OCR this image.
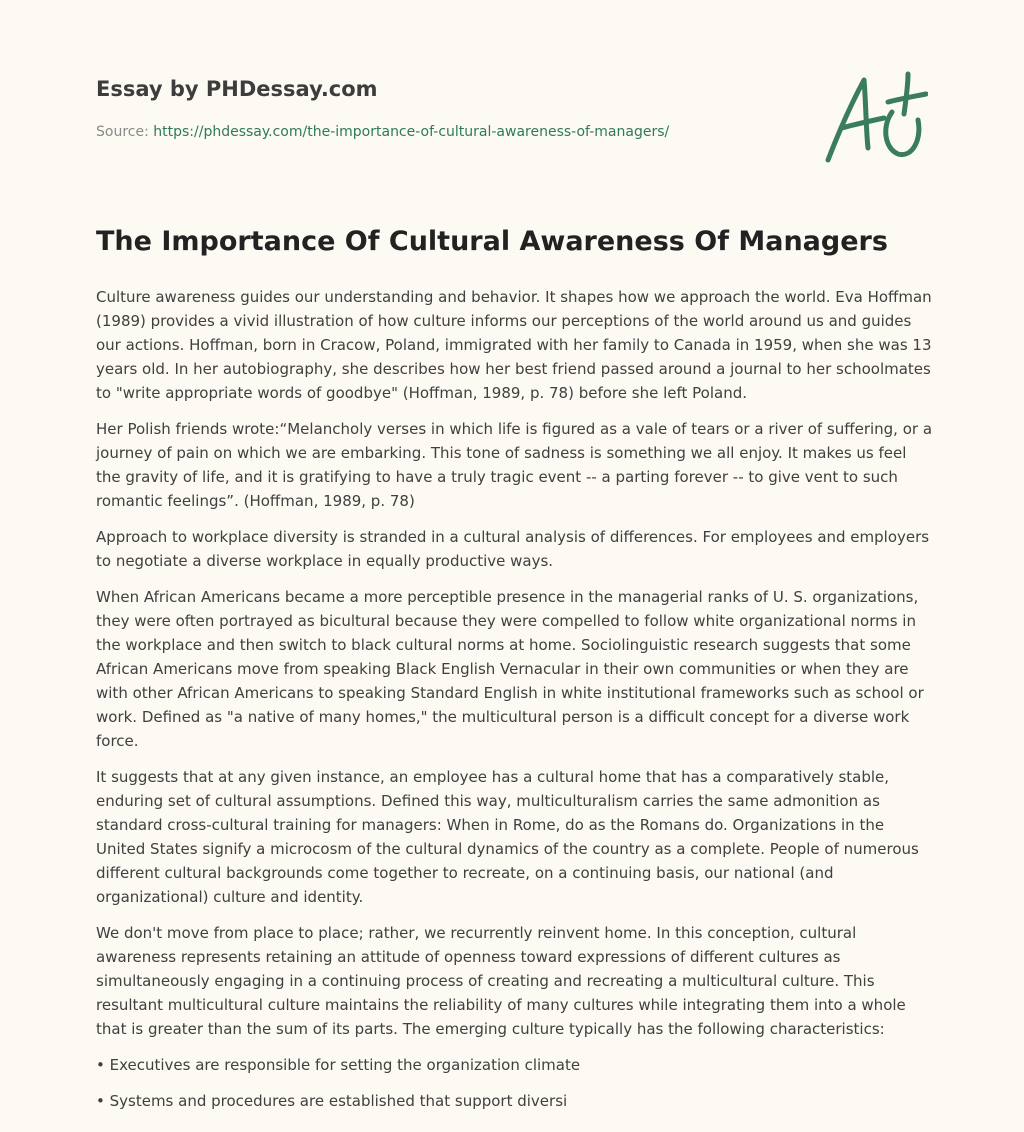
Essay by PHDessay.com
Source: https://phdessay.com/the-importance-of-cultural-awareness-of-managers/
The Importance Of Cultural Awareness Of Managers

Culture awareness guides our understanding and behavior. It shapes how we approach the world. Eva Hoffman (1989) provides a vivid illustration of how culture informs our perceptions of the world around us and guides our actions. Hoffman, born in Cracow, Poland, immigrated with her family to Canada in 1959, when she was 13 years old. In her autobiography, she describes how her best friend passed around a journal to her schoolmates to "write appropriate words of goodbye" (Hoffman, 1989, p. 78) before she left Poland.

Her Polish friends wrote:“Melancholy verses in which life is figured as a vale of tears or a river of suffering, or a journey of pain on which we are embarking. This tone of sadness is something we all enjoy. It makes us feel the gravity of life, and it is gratifying to have a truly tragic event -- a parting forever -- to give vent to such romantic feelings”. (Hoffman, 1989, p. 78)

Approach to workplace diversity is stranded in a cultural analysis of differences. For employees and employers to negotiate a diverse workplace in equally productive ways.

When African Americans became a more perceptible presence in the managerial ranks of U. S. organizations, they were often portrayed as bicultural because they were compelled to follow white organizational norms in the workplace and then switch to black cultural norms at home. Sociolinguistic research suggests that some African Americans move from speaking Black English Vernacular in their own communities or when they are with other African Americans to speaking Standard English in white institutional frameworks such as school or work. Defined as "a native of many homes," the multicultural person is a difficult concept for a diverse work force.

It suggests that at any given instance, an employee has a cultural home that has a comparatively stable, enduring set of cultural assumptions. Defined this way, multiculturalism carries the same admonition as standard cross-cultural training for managers: When in Rome, do as the Romans do. Organizations in the United States signify a microcosm of the cultural dynamics of the country as a complete. People of numerous different cultural backgrounds come together to recreate, on a continuing basis, our national (and organizational) culture and identity.

We don't move from place to place; rather, we recurrently reinvent home. In this conception, cultural awareness represents retaining an attitude of openness toward expressions of different cultures as simultaneously engaging in a continuing process of creating and recreating a multicultural culture. This resultant multicultural culture maintains the reliability of many cultures while integrating them into a whole that is greater than the sum of its parts. The emerging culture typically has the following characteristics:

• Executives are responsible for setting the organization climate

• Systems and procedures are established that support diversi
